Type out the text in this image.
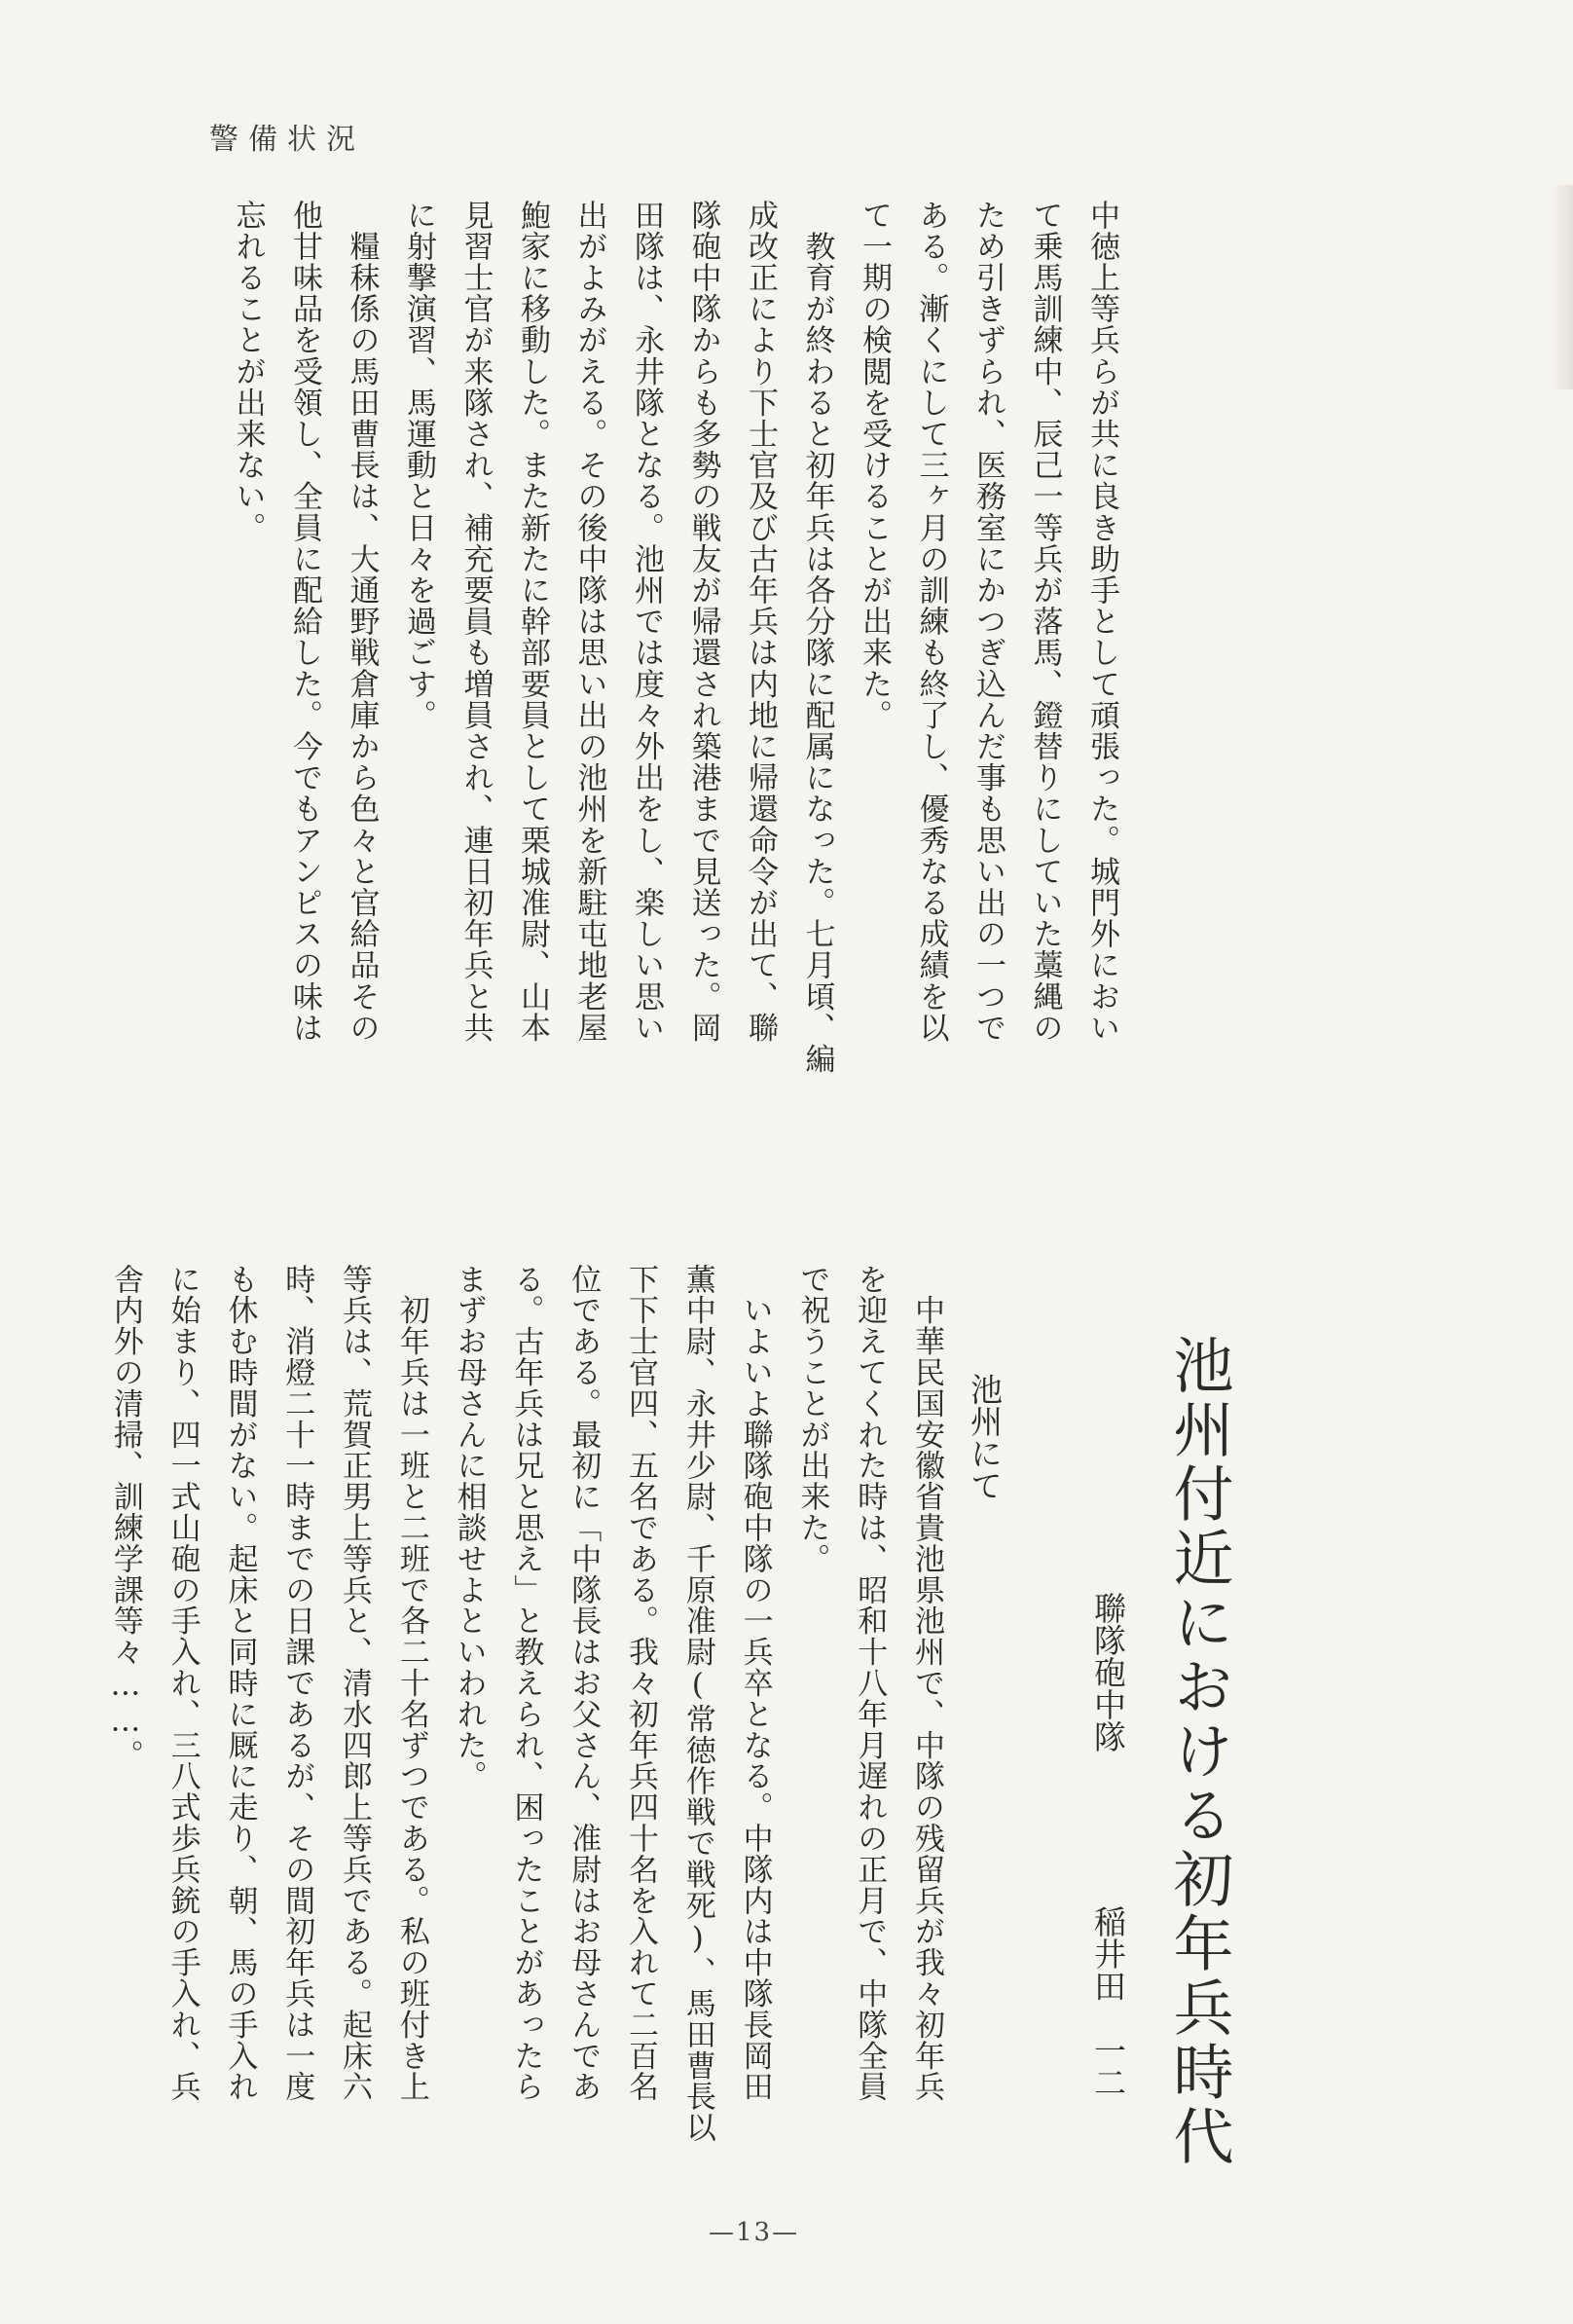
警備状況
中徳上等兵らが共に良き助手として頑張った。城門外におい
て乗馬訓練中、辰己一等兵が落馬、鐙替りにしていた藁縄の
ため引きずられ、医務室にかつぎ込んだ事も思い出の一つで
ある。漸くにして三ヶ月の訓練も終了し、優秀なる成績を以
て一期の検閲を受けることが出来た。
　教育が終わると初年兵は各分隊に配属になった。七月頃、編
成改正により下士官及び古年兵は内地に帰還命令が出て、聯
隊砲中隊からも多勢の戦友が帰還され築港まで見送った。岡
田隊は、永井隊となる。池州では度々外出をし、楽しい思い
出がよみがえる。その後中隊は思い出の池州を新駐屯地老屋
鮑家に移動した。また新たに幹部要員として栗城准尉、山本
見習士官が来隊され、補充要員も増員され、連日初年兵と共
に射撃演習、馬運動と日々を過ごす。
　糧秣係の馬田曹長は、大通野戦倉庫から色々と官給品その
他甘味品を受領し、全員に配給した。今でもアンピスの味は
忘れることが出来ない。
池州付近における初年兵時代
聯隊砲中隊
稲井田　一二
池州にて
　中華民国安徽省貴池県池州で、中隊の残留兵が我々初年兵
を迎えてくれた時は、昭和十八年月遅れの正月で、中隊全員
で祝うことが出来た。
　いよいよ聯隊砲中隊の一兵卒となる。中隊内は中隊長岡田
薫中尉、永井少尉、千原准尉(常徳作戦で戦死)、馬田曹長以
下下士官四、五名である。我々初年兵四十名を入れて二百名
位である。最初に「中隊長はお父さん、准尉はお母さんであ
る。古年兵は兄と思え」と教えられ、困ったことがあったら
まずお母さんに相談せよといわれた。
　初年兵は一班と二班で各二十名ずつである。私の班付き上
等兵は、荒賀正男上等兵と、清水四郎上等兵である。起床六
時、消燈二十一時までの日課であるが、その間初年兵は一度
も休む時間がない。起床と同時に厩に走り、朝、馬の手入れ
に始まり、四一式山砲の手入れ、三八式歩兵銃の手入れ、兵
舎内外の清掃、訓練学課等々……。
—13—
